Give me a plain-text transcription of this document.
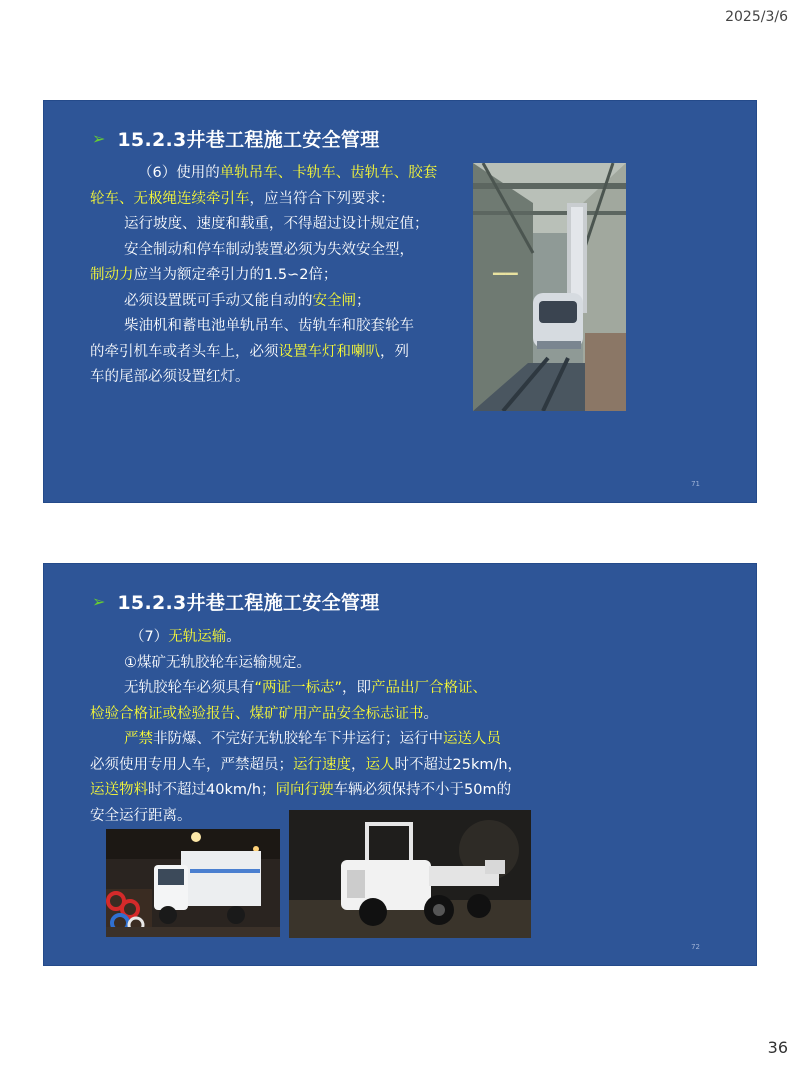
2025/3/6
➢ 15.2.3井巷工程施工安全管理
（6）使用的单轨吊车、卡轨车、齿轨车、胶套
轮车、无极绳连续牵引车，应当符合下列要求：
运行坡度、速度和载重，不得超过设计规定值；
安全制动和停车制动装置必须为失效安全型，
制动力应当为额定牵引力的1.5∽2倍；
必须设置既可手动又能自动的安全闸；
柴油机和蓄电池单轨吊车、齿轨车和胶套轮车
的牵引机车或者头车上，必须设置车灯和喇叭，列
车的尾部必须设置红灯。
▂▂▂▂
71
➢ 15.2.3井巷工程施工安全管理
（7）无轨运输。
①煤矿无轨胶轮车运输规定。
无轨胶轮车必须具有“两证一标志”，即产品出厂合格证、
检验合格证或检验报告、煤矿矿用产品安全标志证书。
严禁非防爆、不完好无轨胶轮车下井运行；运行中运送人员
必须使用专用人车，严禁超员；运行速度，运人时不超过25km/h，
运送物料时不超过40km/h；同向行驶车辆必须保持不小于50m的
安全运行距离。
72
36
